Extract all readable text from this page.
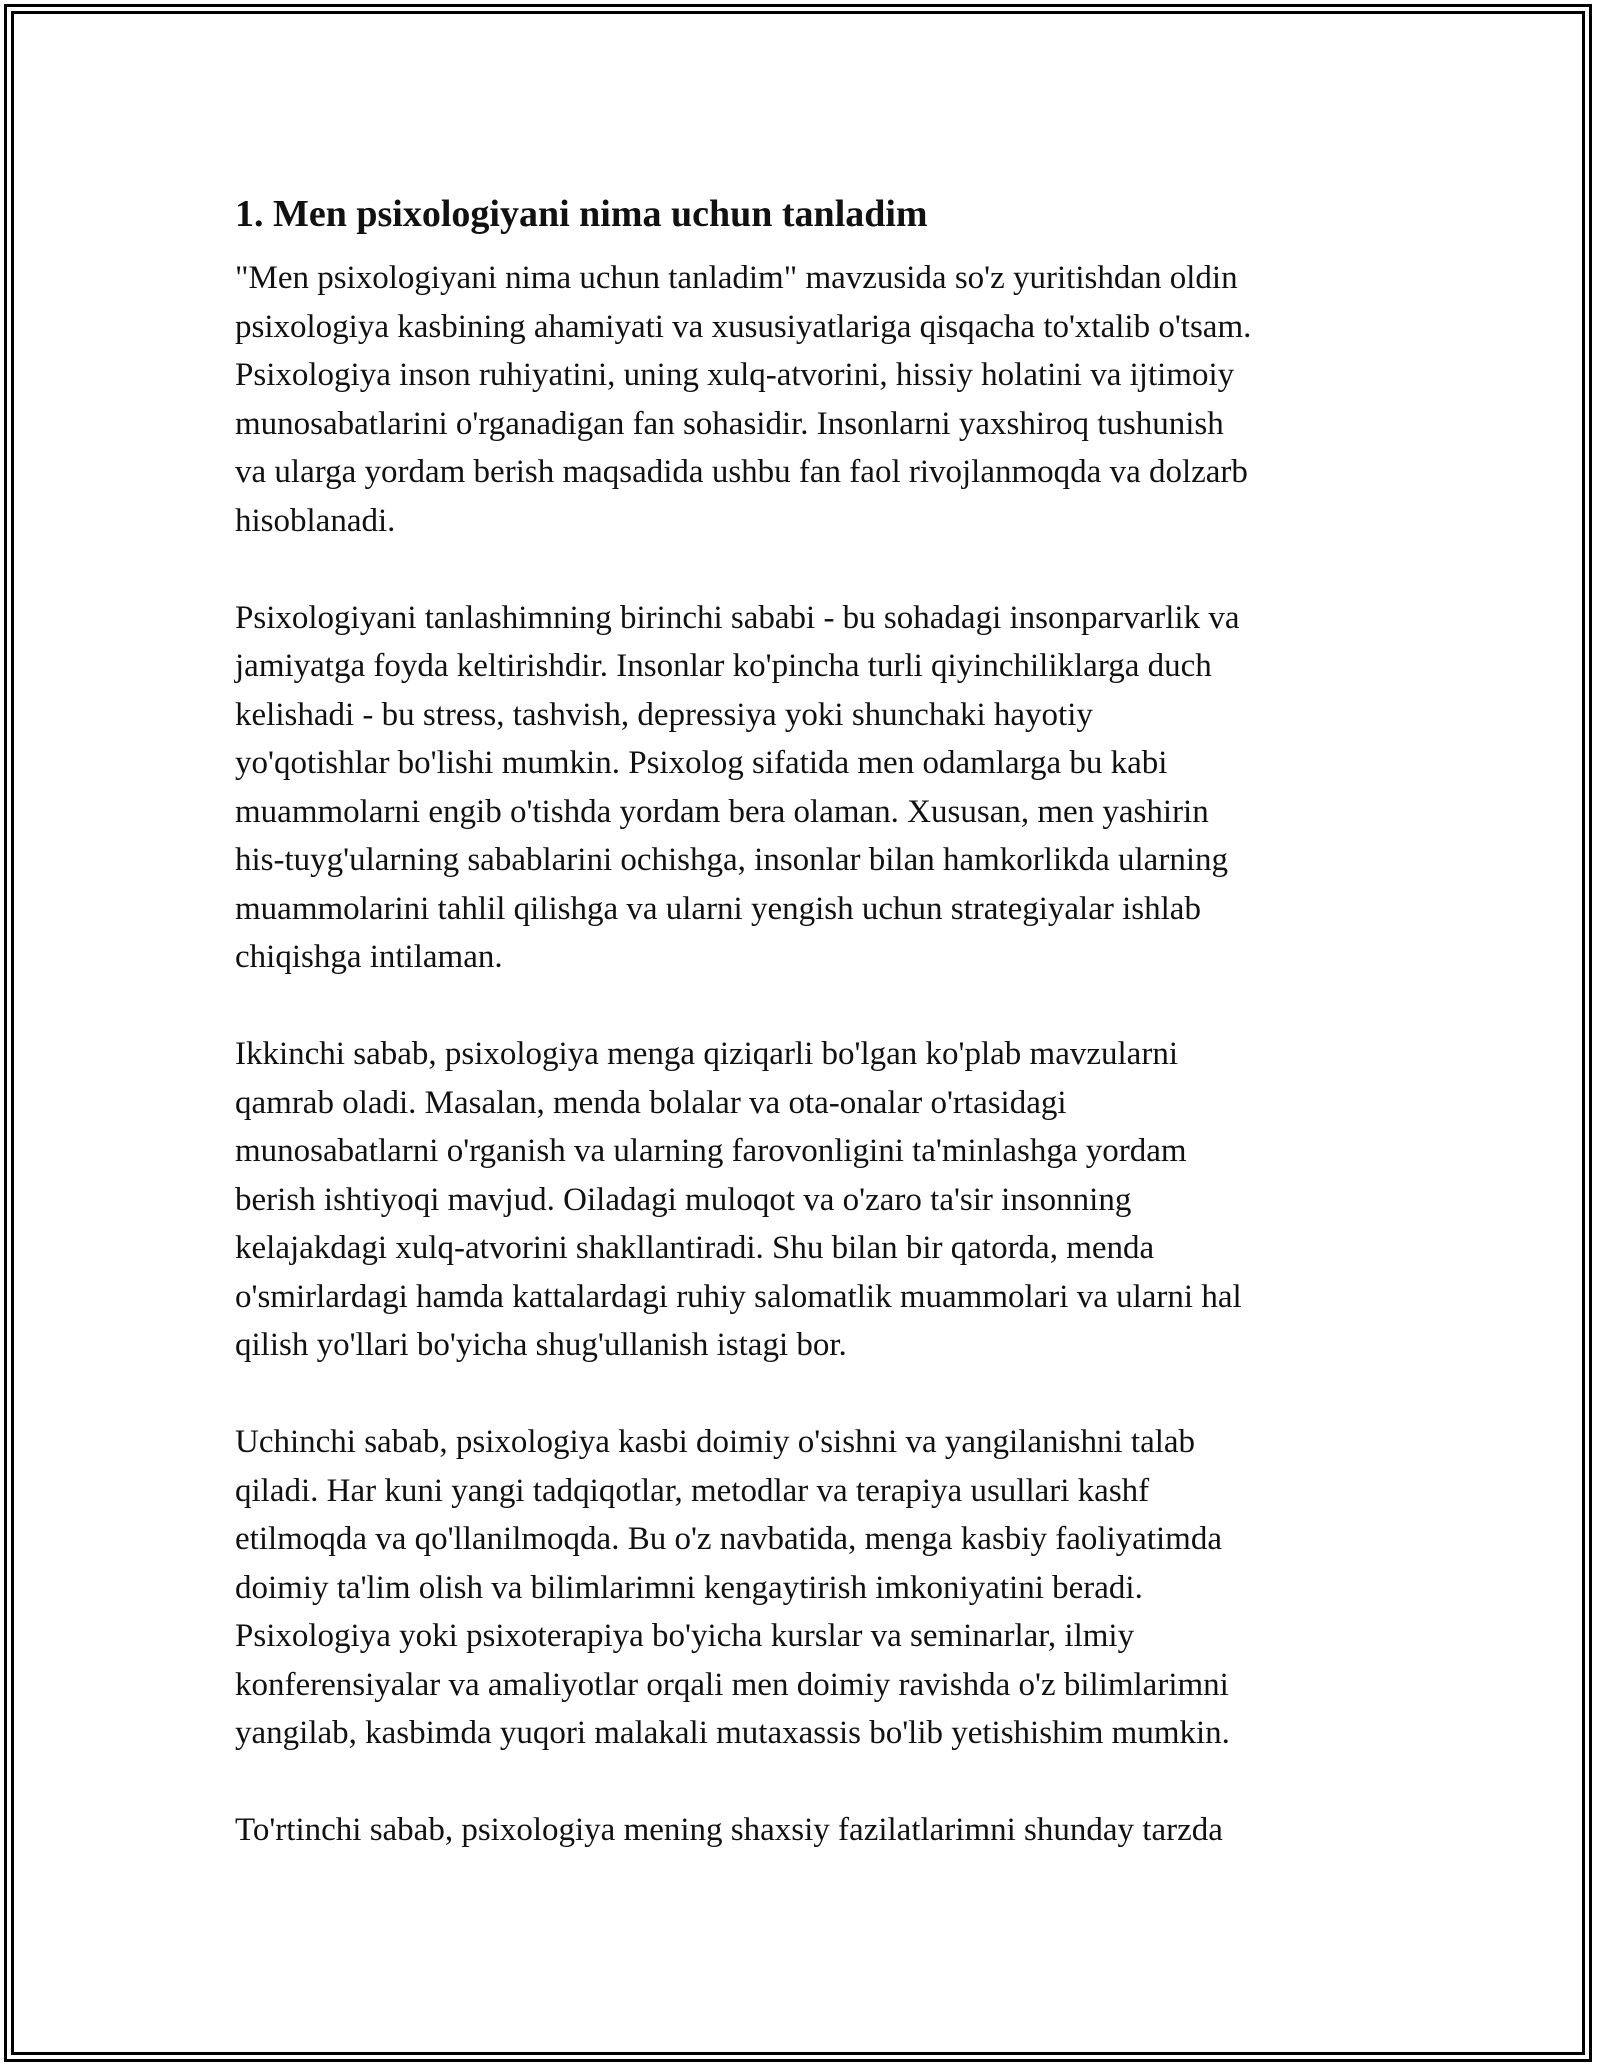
1. Men psixologiyani nima uchun tanladim

"Men psixologiyani nima uchun tanladim" mavzusida so'z yuritishdan oldin
psixologiya kasbining ahamiyati va xususiyatlariga qisqacha to'xtalib o'tsam.
Psixologiya inson ruhiyatini, uning xulq-atvorini, hissiy holatini va ijtimoiy
munosabatlarini o'rganadigan fan sohasidir. Insonlarni yaxshiroq tushunish
va ularga yordam berish maqsadida ushbu fan faol rivojlanmoqda va dolzarb
hisoblanadi.

Psixologiyani tanlashimning birinchi sababi - bu sohadagi insonparvarlik va
jamiyatga foyda keltirishdir. Insonlar ko'pincha turli qiyinchiliklarga duch
kelishadi - bu stress, tashvish, depressiya yoki shunchaki hayotiy
yo'qotishlar bo'lishi mumkin. Psixolog sifatida men odamlarga bu kabi
muammolarni engib o'tishda yordam bera olaman. Xususan, men yashirin
his-tuyg'ularning sabablarini ochishga, insonlar bilan hamkorlikda ularning
muammolarini tahlil qilishga va ularni yengish uchun strategiyalar ishlab
chiqishga intilaman.

Ikkinchi sabab, psixologiya menga qiziqarli bo'lgan ko'plab mavzularni
qamrab oladi. Masalan, menda bolalar va ota-onalar o'rtasidagi
munosabatlarni o'rganish va ularning farovonligini ta'minlashga yordam
berish ishtiyoqi mavjud. Oiladagi muloqot va o'zaro ta'sir insonning
kelajakdagi xulq-atvorini shakllantiradi. Shu bilan bir qatorda, menda
o'smirlardagi hamda kattalardagi ruhiy salomatlik muammolari va ularni hal
qilish yo'llari bo'yicha shug'ullanish istagi bor.

Uchinchi sabab, psixologiya kasbi doimiy o'sishni va yangilanishni talab
qiladi. Har kuni yangi tadqiqotlar, metodlar va terapiya usullari kashf
etilmoqda va qo'llanilmoqda. Bu o'z navbatida, menga kasbiy faoliyatimda
doimiy ta'lim olish va bilimlarimni kengaytirish imkoniyatini beradi.
Psixologiya yoki psixoterapiya bo'yicha kurslar va seminarlar, ilmiy
konferensiyalar va amaliyotlar orqali men doimiy ravishda o'z bilimlarimni
yangilab, kasbimda yuqori malakali mutaxassis bo'lib yetishishim mumkin.

To'rtinchi sabab, psixologiya mening shaxsiy fazilatlarimni shunday tarzda
